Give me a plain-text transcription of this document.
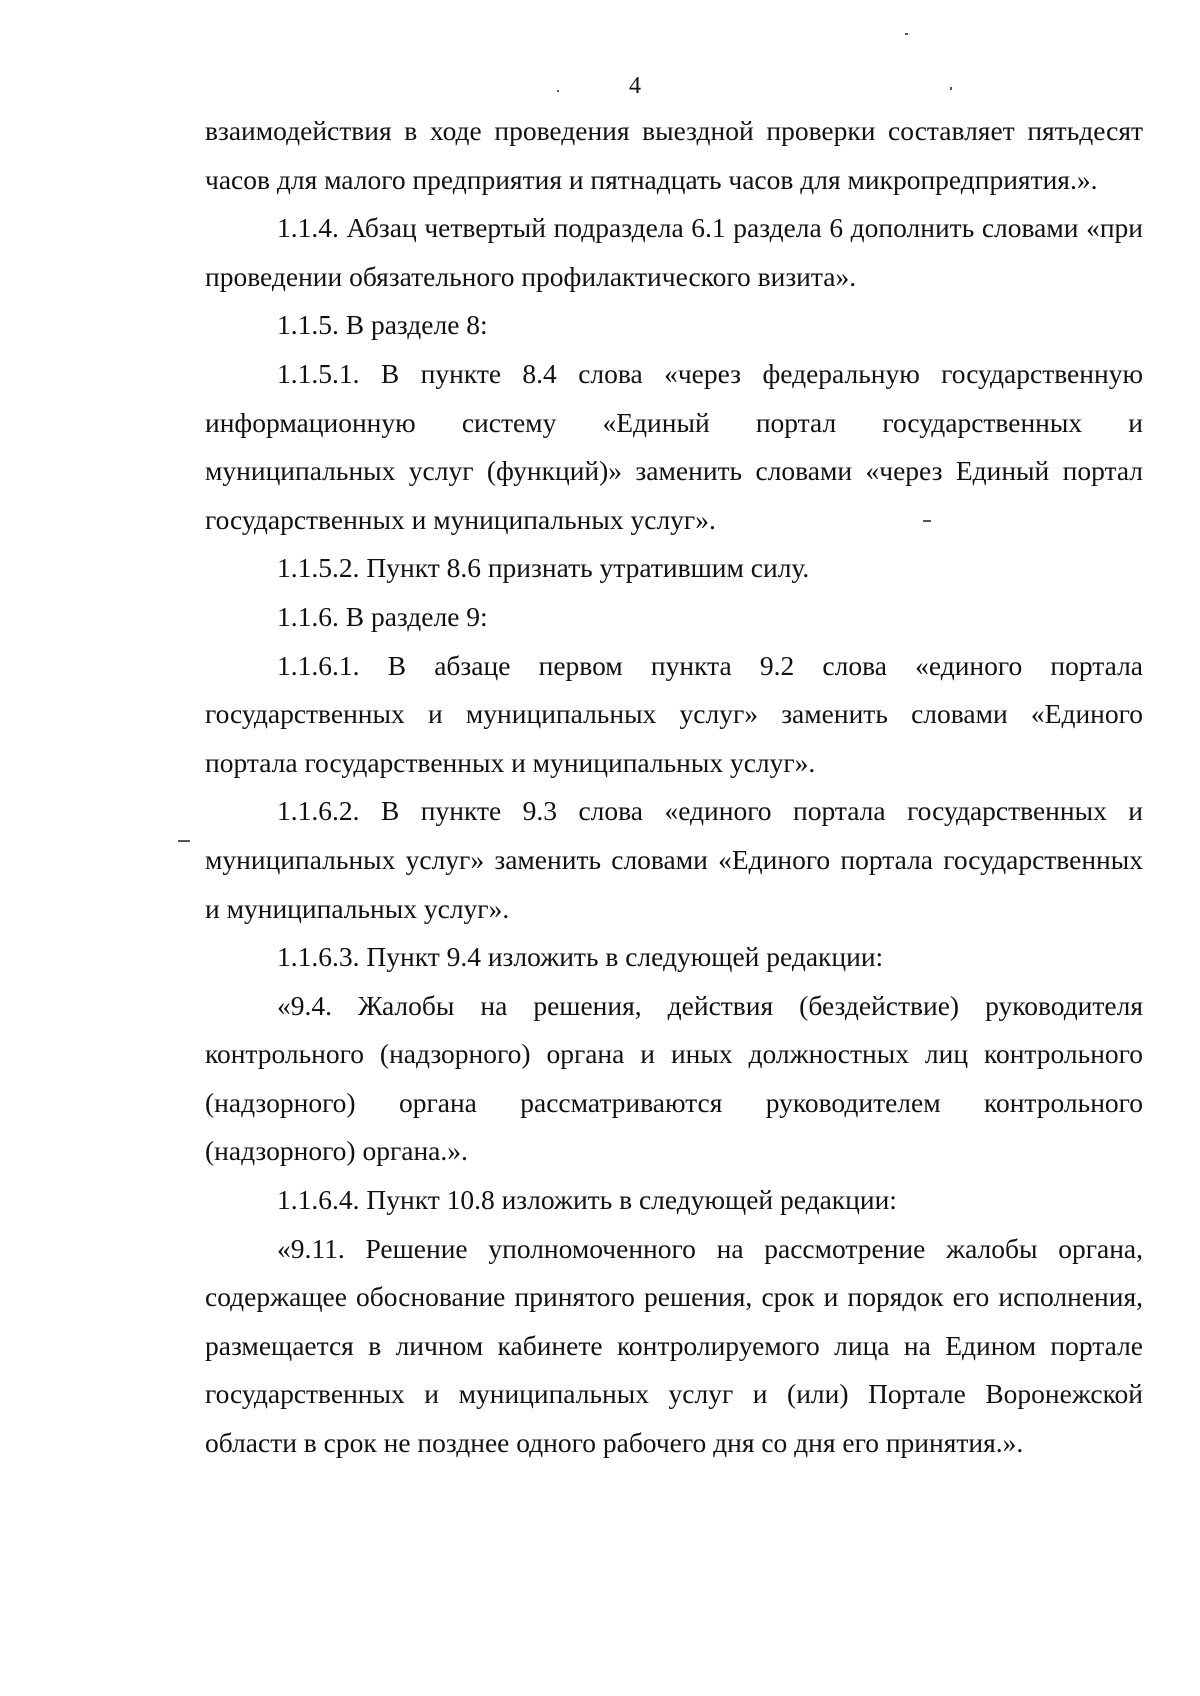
4

взаимодействия в ходе проведения выездной проверки составляет пятьдесят часов для малого предприятия и пятнадцать часов для микропредприятия.».

1.1.4. Абзац четвертый подраздела 6.1 раздела 6 дополнить словами «при проведении обязательного профилактического визита».

1.1.5. В разделе 8:

1.1.5.1. В пункте 8.4 слова «через федеральную государственную информационную систему «Единый портал государственных и муниципальных услуг (функций)» заменить словами «через Единый портал государственных и муниципальных услуг».

1.1.5.2. Пункт 8.6 признать утратившим силу.

1.1.6. В разделе 9:

1.1.6.1. В абзаце первом пункта 9.2 слова «единого портала государственных и муниципальных услуг» заменить словами «Единого портала государственных и муниципальных услуг».

1.1.6.2. В пункте 9.3 слова «единого портала государственных и муниципальных услуг» заменить словами «Единого портала государственных и муниципальных услуг».

1.1.6.3. Пункт 9.4 изложить в следующей редакции:

«9.4. Жалобы на решения, действия (бездействие) руководителя контрольного (надзорного) органа и иных должностных лиц контрольного (надзорного) органа рассматриваются руководителем контрольного (надзорного) органа.».

1.1.6.4. Пункт 10.8 изложить в следующей редакции:

«9.11. Решение уполномоченного на рассмотрение жалобы органа, содержащее обоснование принятого решения, срок и порядок его исполнения, размещается в личном кабинете контролируемого лица на Едином портале государственных и муниципальных услуг и (или) Портале Воронежской области в срок не позднее одного рабочего дня со дня его принятия.».
